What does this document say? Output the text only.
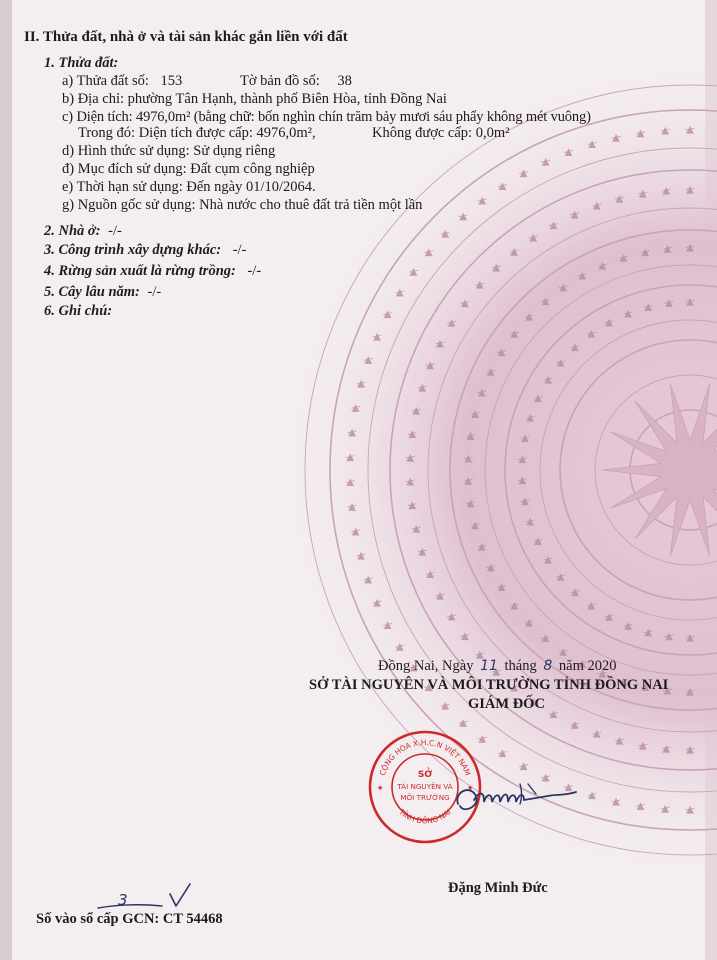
II. Thửa đất, nhà ở và tài sản khác gắn liền với đất
1. Thửa đất:
a) Thửa đất số: 153	Tờ bản đồ số: 38
b) Địa chỉ: phường Tân Hạnh, thành phố Biên Hòa, tỉnh Đồng Nai
c) Diện tích: 4976,0m² (bằng chữ: bốn nghìn chín trăm bảy mươi sáu phẩy không mét vuông)
Trong đó: Diện tích được cấp: 4976,0m²,	Không được cấp: 0,0m²
d) Hình thức sử dụng: Sử dụng riêng
đ) Mục đích sử dụng: Đất cụm công nghiệp
e) Thời hạn sử dụng: Đến ngày 01/10/2064.
g) Nguồn gốc sử dụng: Nhà nước cho thuê đất trả tiền một lần
2. Nhà ở: -/-
3. Công trình xây dựng khác: -/-
4. Rừng sản xuất là rừng trồng: -/-
5. Cây lâu năm: -/-
6. Ghi chú:
Đồng Nai, Ngày 11 tháng 8 năm 2020
SỞ TÀI NGUYÊN VÀ MÔI TRƯỜNG TỈNH ĐỒNG NAI
GIÁM ĐỐC
CỘNG HÒA X.H.C.N VIỆT NAM
TỈNH ĐỒNG NAI
SỞ
TÀI NGUYÊN VÀ
MÔI TRƯỜNG
★	★
Đặng Minh Đức
Số vào sổ cấp GCN: CT 54468
3
